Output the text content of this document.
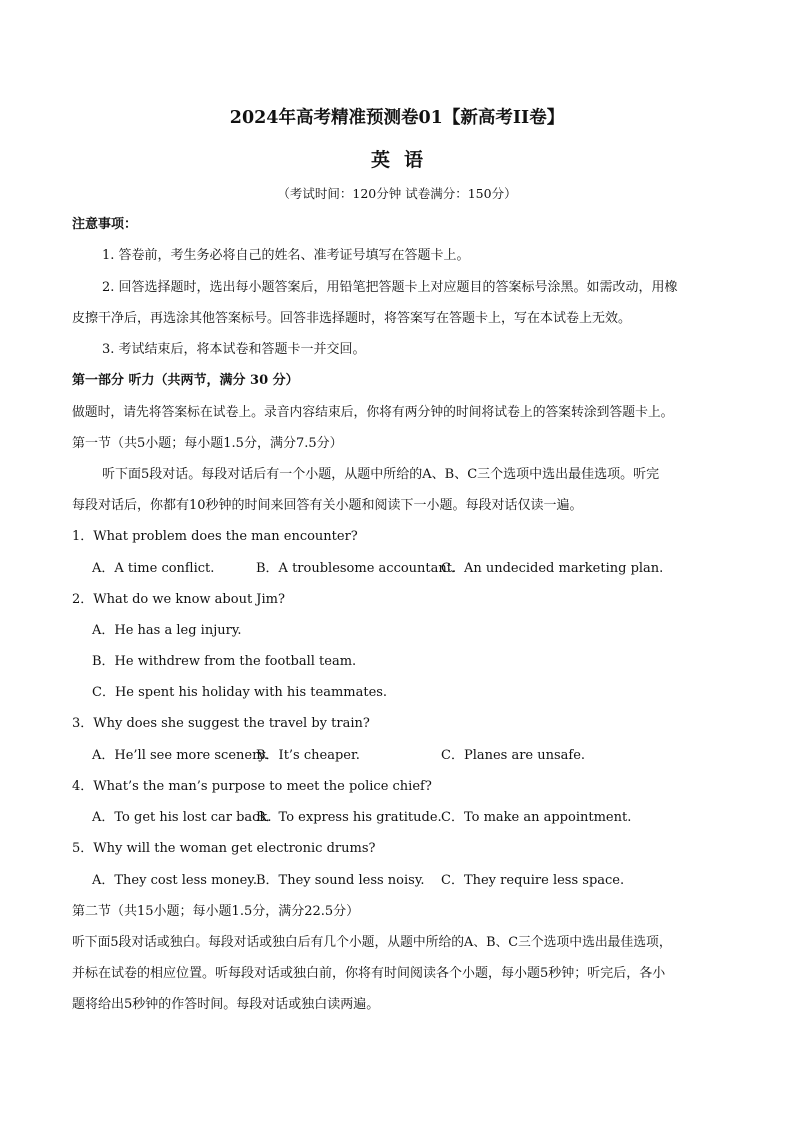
2024年高考精准预测卷01【新高考II卷】
英语
（考试时间：120分钟 试卷满分：150分）
注意事项：
1. 答卷前，考生务必将自己的姓名、准考证号填写在答题卡上。
2. 回答选择题时，选出每小题答案后，用铅笔把答题卡上对应题目的答案标号涂黑。如需改动，用橡
皮擦干净后，再选涂其他答案标号。回答非选择题时，将答案写在答题卡上，写在本试卷上无效。
3. 考试结束后，将本试卷和答题卡一并交回。
第一部分 听力（共两节，满分 30 分）
做题时，请先将答案标在试卷上。录音内容结束后，你将有两分钟的时间将试卷上的答案转涂到答题卡上。
第一节（共5小题；每小题1.5分，满分7.5分）
听下面5段对话。每段对话后有一个小题，从题中所给的A、B、C三个选项中选出最佳选项。听完
每段对话后，你都有10秒钟的时间来回答有关小题和阅读下一小题。每段对话仅读一遍。
1．What problem does the man encounter?
A．A time conflict.	B．A troublesome accountant.
C．An undecided marketing plan.
2．What do we know about Jim?
A．He has a leg injury.
B．He withdrew from the football team.
C．He spent his holiday with his teammates.
3．Why does she suggest the travel by train?
A．He’ll see more scenery.
B．It’s cheaper.	C．Planes are unsafe.
4．What’s the man’s purpose to meet the police chief?
A．To get his lost car back.
B．To express his gratitude. C．To make an appointment.
5．Why will the woman get electronic drums?
A．They cost less money.
B．They sound less noisy. C．They require less space.
第二节（共15小题；每小题1.5分，满分22.5分）
听下面5段对话或独白。每段对话或独白后有几个小题，从题中所给的A、B、C三个选项中选出最佳选项，
并标在试卷的相应位置。听每段对话或独白前，你将有时间阅读各个小题，每小题5秒钟；听完后，各小
题将给出5秒钟的作答时间。每段对话或独白读两遍。
